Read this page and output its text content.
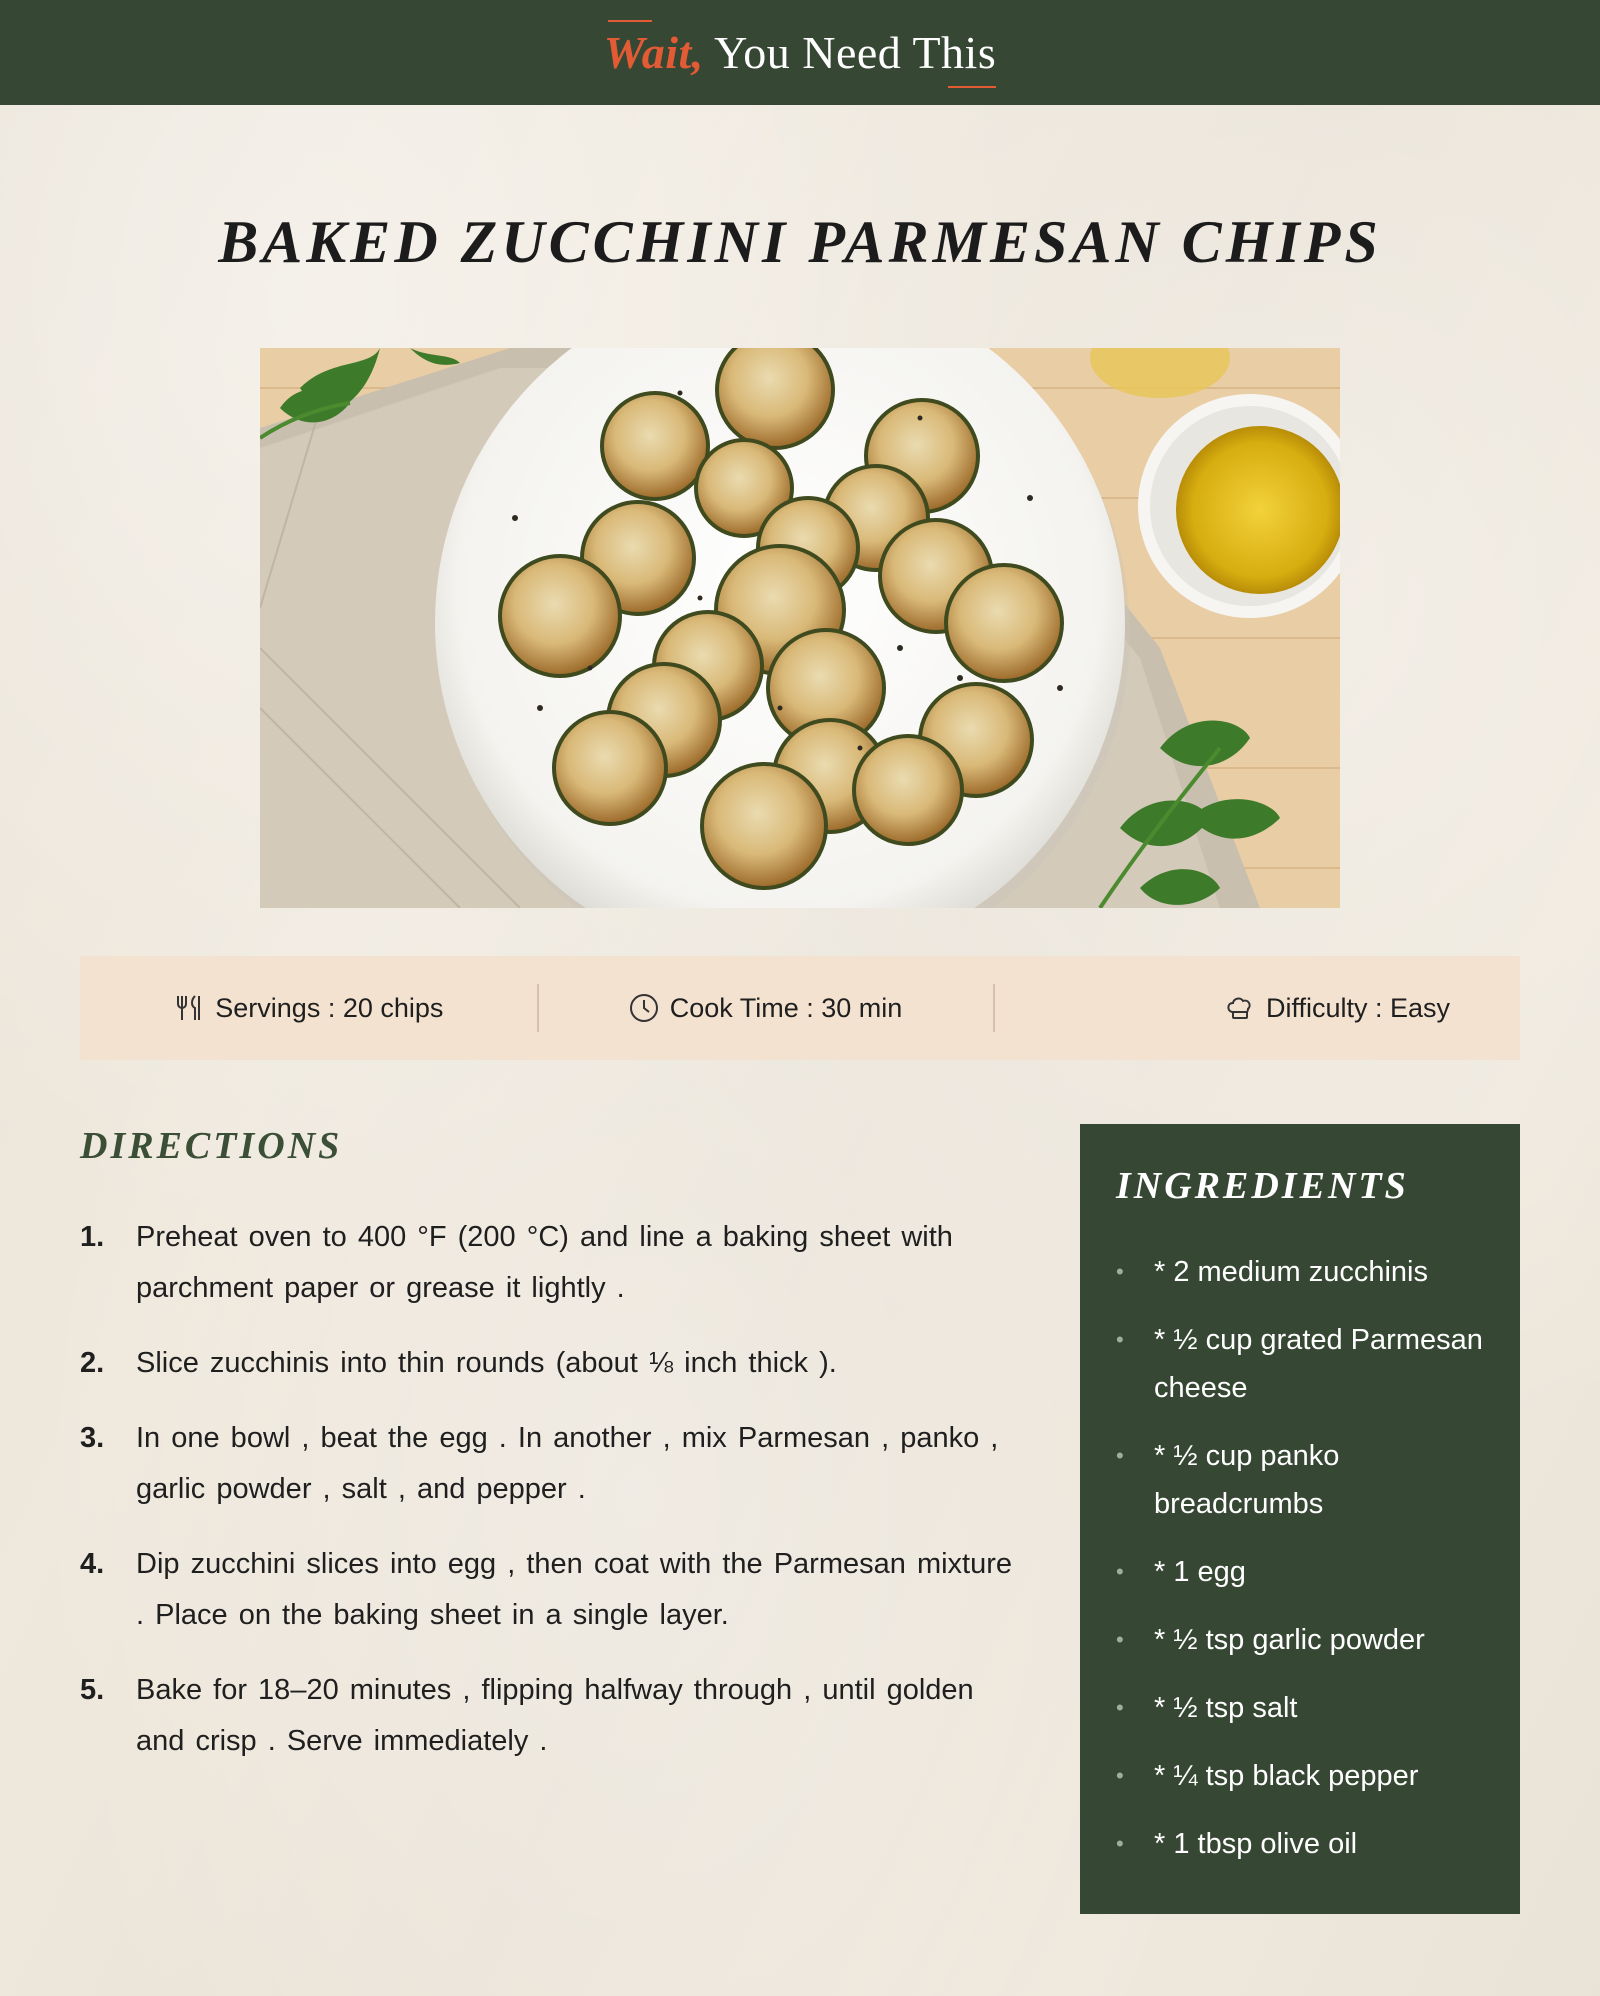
Wait, You Need This
BAKED ZUCCHINI PARMESAN CHIPS
Servings : 20 chips	Cook Time : 30 min	Difficulty : Easy
DIRECTIONS
1.	Preheat oven to 400 °F (200 °C) and line a baking sheet with parchment paper or grease it lightly .
2.	Slice zucchinis into thin rounds (about ⅛ inch thick ).
3.	In one bowl , beat the egg . In another , mix Parmesan , panko , garlic powder , salt , and pepper .
4.	Dip zucchini slices into egg , then coat with the Parmesan mixture . Place on the baking sheet in a single layer.
5.	Bake for 18–20 minutes , flipping halfway through , until golden and crisp . Serve immediately .
INGREDIENTS
•	* 2 medium zucchinis
•	* ½ cup grated Parmesan cheese
•	* ½ cup panko breadcrumbs
•	* 1 egg
•	* ½ tsp garlic powder
•	* ½ tsp salt
•	* ¼ tsp black pepper
•	* 1 tbsp olive oil
